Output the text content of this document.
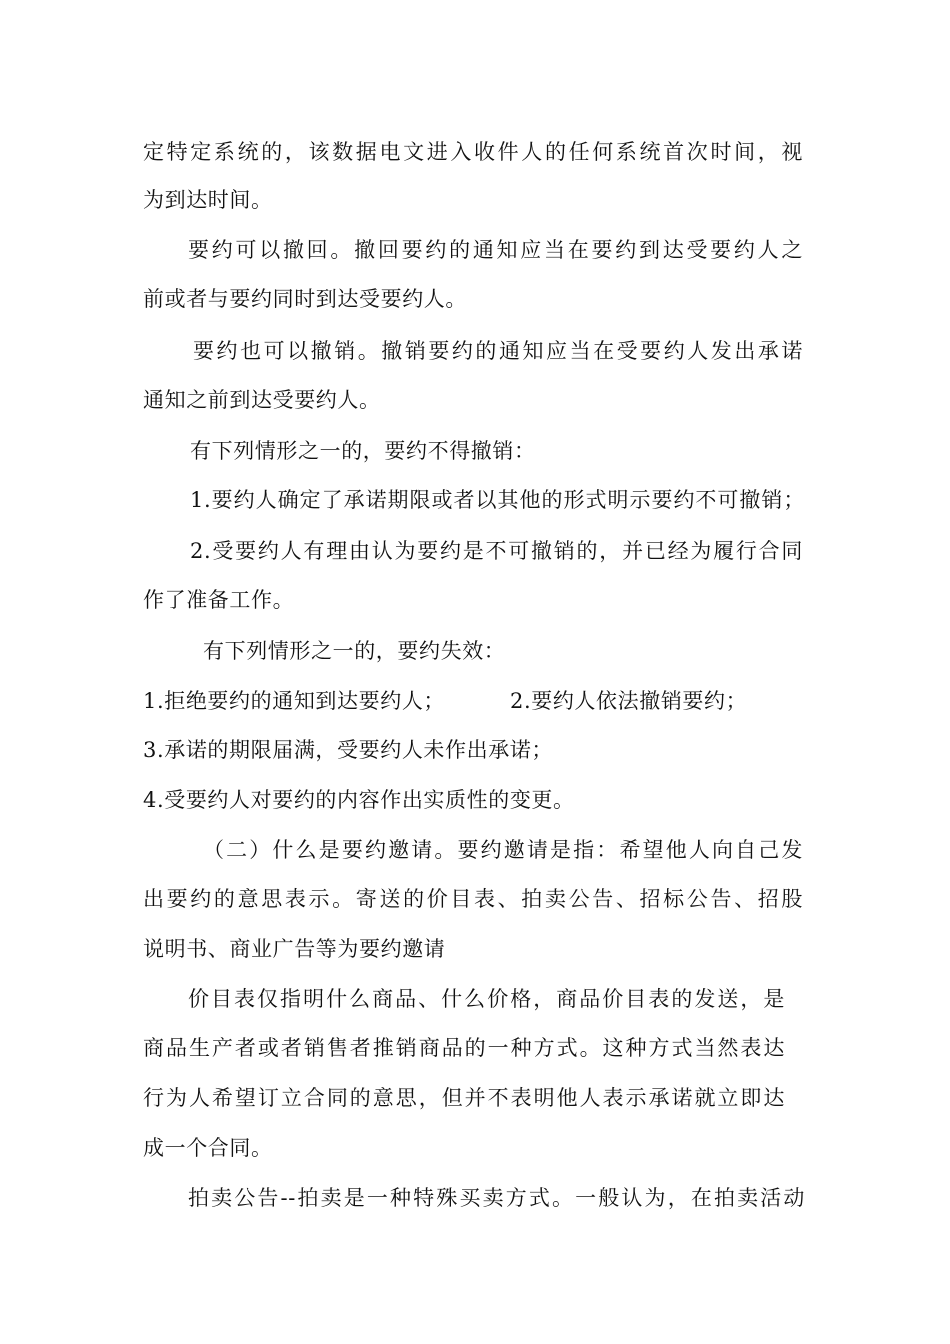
定特定系统的，该数据电文进入收件人的任何系统首次时间，视
为到达时间。
要约可以撤回。撤回要约的通知应当在要约到达受要约人之
前或者与要约同时到达受要约人。
要约也可以撤销。撤销要约的通知应当在受要约人发出承诺
通知之前到达受要约人。
有下列情形之一的，要约不得撤销：
1.要约人确定了承诺期限或者以其他的形式明示要约不可撤销；
2.受要约人有理由认为要约是不可撤销的，并已经为履行合同
作了准备工作。
有下列情形之一的，要约失效：
1.拒绝要约的通知到达要约人；	2.要约人依法撤销要约；
3.承诺的期限届满，受要约人未作出承诺；
4.受要约人对要约的内容作出实质性的变更。
（二）什么是要约邀请。要约邀请是指：希望他人向自己发
出要约的意思表示。寄送的价目表、拍卖公告、招标公告、招股
说明书、商业广告等为要约邀请
价目表仅指明什么商品、什么价格，商品价目表的发送，是
商品生产者或者销售者推销商品的一种方式。这种方式当然表达
行为人希望订立合同的意思，但并不表明他人表示承诺就立即达
成一个合同。
拍卖公告--拍卖是一种特殊买卖方式。一般认为，在拍卖活动
